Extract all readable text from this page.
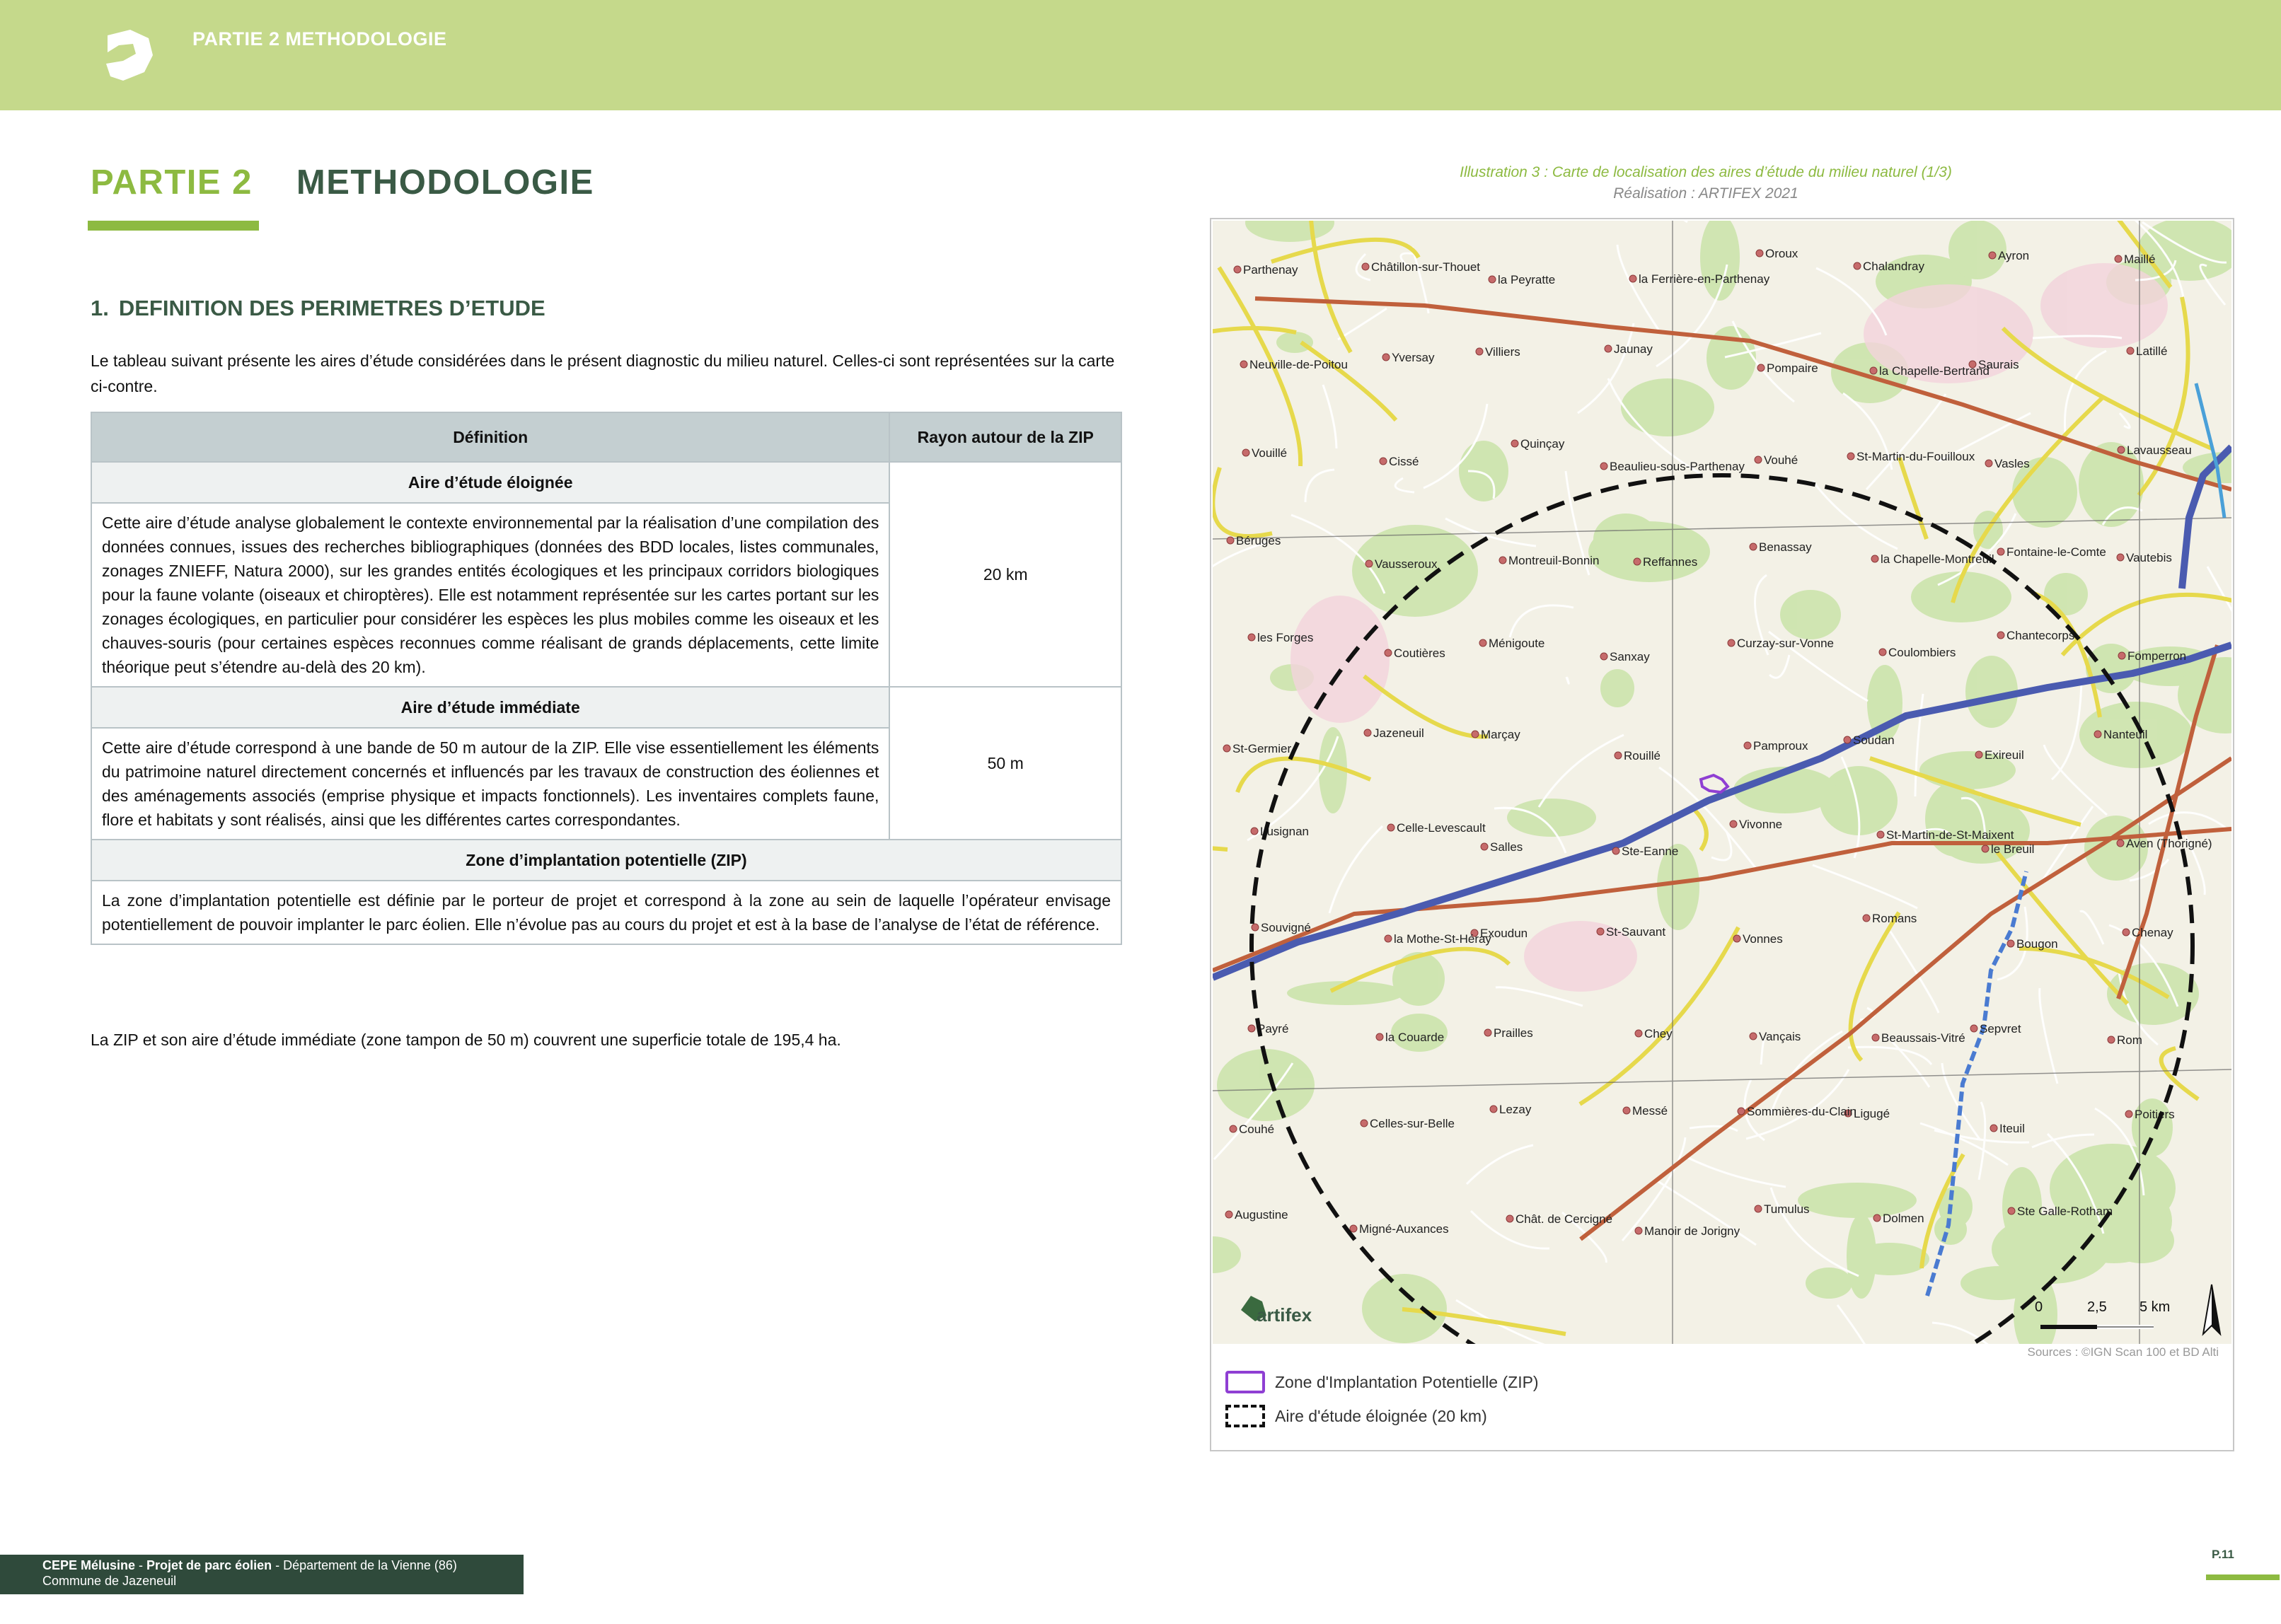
PARTIE 2 METHODOLOGIE
PARTIE 2 METHODOLOGIE
1. DEFINITION DES PERIMETRES D’ETUDE

Le tableau suivant présente les aires d’étude considérées dans le présent diagnostic du milieu naturel. Celles-ci sont représentées sur la carte ci-contre.

Définition	Rayon autour de la ZIP
Aire d’étude éloignée	20 km
Cette aire d’étude analyse globalement le contexte environnemental par la réalisation d’une compilation des données connues, issues des recherches bibliographiques (données des BDD locales, listes communales, zonages ZNIEFF, Natura 2000), sur les grandes entités écologiques et les principaux corridors biologiques pour la faune volante (oiseaux et chiroptères). Elle est notamment représentée sur les cartes portant sur les zonages écologiques, en particulier pour considérer les espèces les plus mobiles comme les oiseaux et les chauves-souris (pour certaines espèces reconnues comme réalisant de grands déplacements, cette limite théorique peut s’étendre au-delà des 20 km).	
Aire d’étude immédiate	50 m
Cette aire d’étude correspond à une bande de 50 m autour de la ZIP. Elle vise essentiellement les éléments du patrimoine naturel directement concernés et influencés par les travaux de construction des éoliennes et des aménagements associés (emprise physique et impacts fonctionnels). Les inventaires complets faune, flore et habitats y sont réalisés, ainsi que les différentes cartes correspondantes.	
Zone d’implantation potentielle (ZIP)	
La zone d’implantation potentielle est définie par le porteur de projet et correspond à la zone au sein de laquelle l’opérateur envisage potentiellement de pouvoir implanter le parc éolien. Elle n’évolue pas au cours du projet et est à la base de l’analyse de l’état de référence.	

La ZIP et son aire d’étude immédiate (zone tampon de 50 m) couvrent une superficie totale de 195,4 ha.

Illustration 3 : Carte de localisation des aires d’étude du milieu naturel (1/3)
Réalisation : ARTIFEX 2021
Parthenay	Châtillon-sur-Thouet
la Peyratte	la Ferrière-en-Parthenay
Oroux
Chalandray
Ayron	Maillé
Neuville-de-Poitou
Yversay	Villiers	Jaunay
Pompaire	la Chapelle-Bertrand
Saurais
Latillé
Vouillé
Cissé
Quinçay
Beaulieu-sous-Parthenay Vouhé	St-Martin-du-Fouilloux
Vasles
Lavausseau
Béruges
Vausseroux	Montreuil-Bonnin	Reffannes
Benassay
la Chapelle-Montreuil
Fontaine-le-Comte Vautebis
les Forges
Coutières
Ménigoute
Sanxay
Curzay-sur-Vonne
Coulombiers
Chantecorps
Fomperron
St-Germier
Jazeneuil	Marçay
Rouillé
Pamproux	Soudan
Exireuil
Nanteuil
Lusignan	Celle-Levescault
Salles	Ste-Eanne
Vivonne
St-Martin-de-St-Maixent
le Breuil	Aven (Thorigné)
Souvigné
la Mothe-St-Héray
Exoudun	St-Sauvant
Vonnes
Romans
Bougon
Chenay
Payré
la Couarde	Prailles	Chey	Vançais	Beaussais-Vitré
Sepvret
Rom
Couhé	Celles-sur-Belle
Lezay	Messé	Sommières-du-Clain
Ligugé
Iteuil
Poitiers
Augustine
Migné-Auxances
Chât. de Cercigné
Manoir de Jorigny
Tumulus
Dolmen
Ste Galle-Rotham
artifex	0	2,5 5 km
Sources : ©IGN Scan 100 et BD Alti
Zone d'Implantation Potentielle (ZIP)
Aire d'étude éloignée (20 km)
CEPE Mélusine - Projet de parc éolien - Département de la Vienne (86)
Commune de Jazeneuil
P.11
